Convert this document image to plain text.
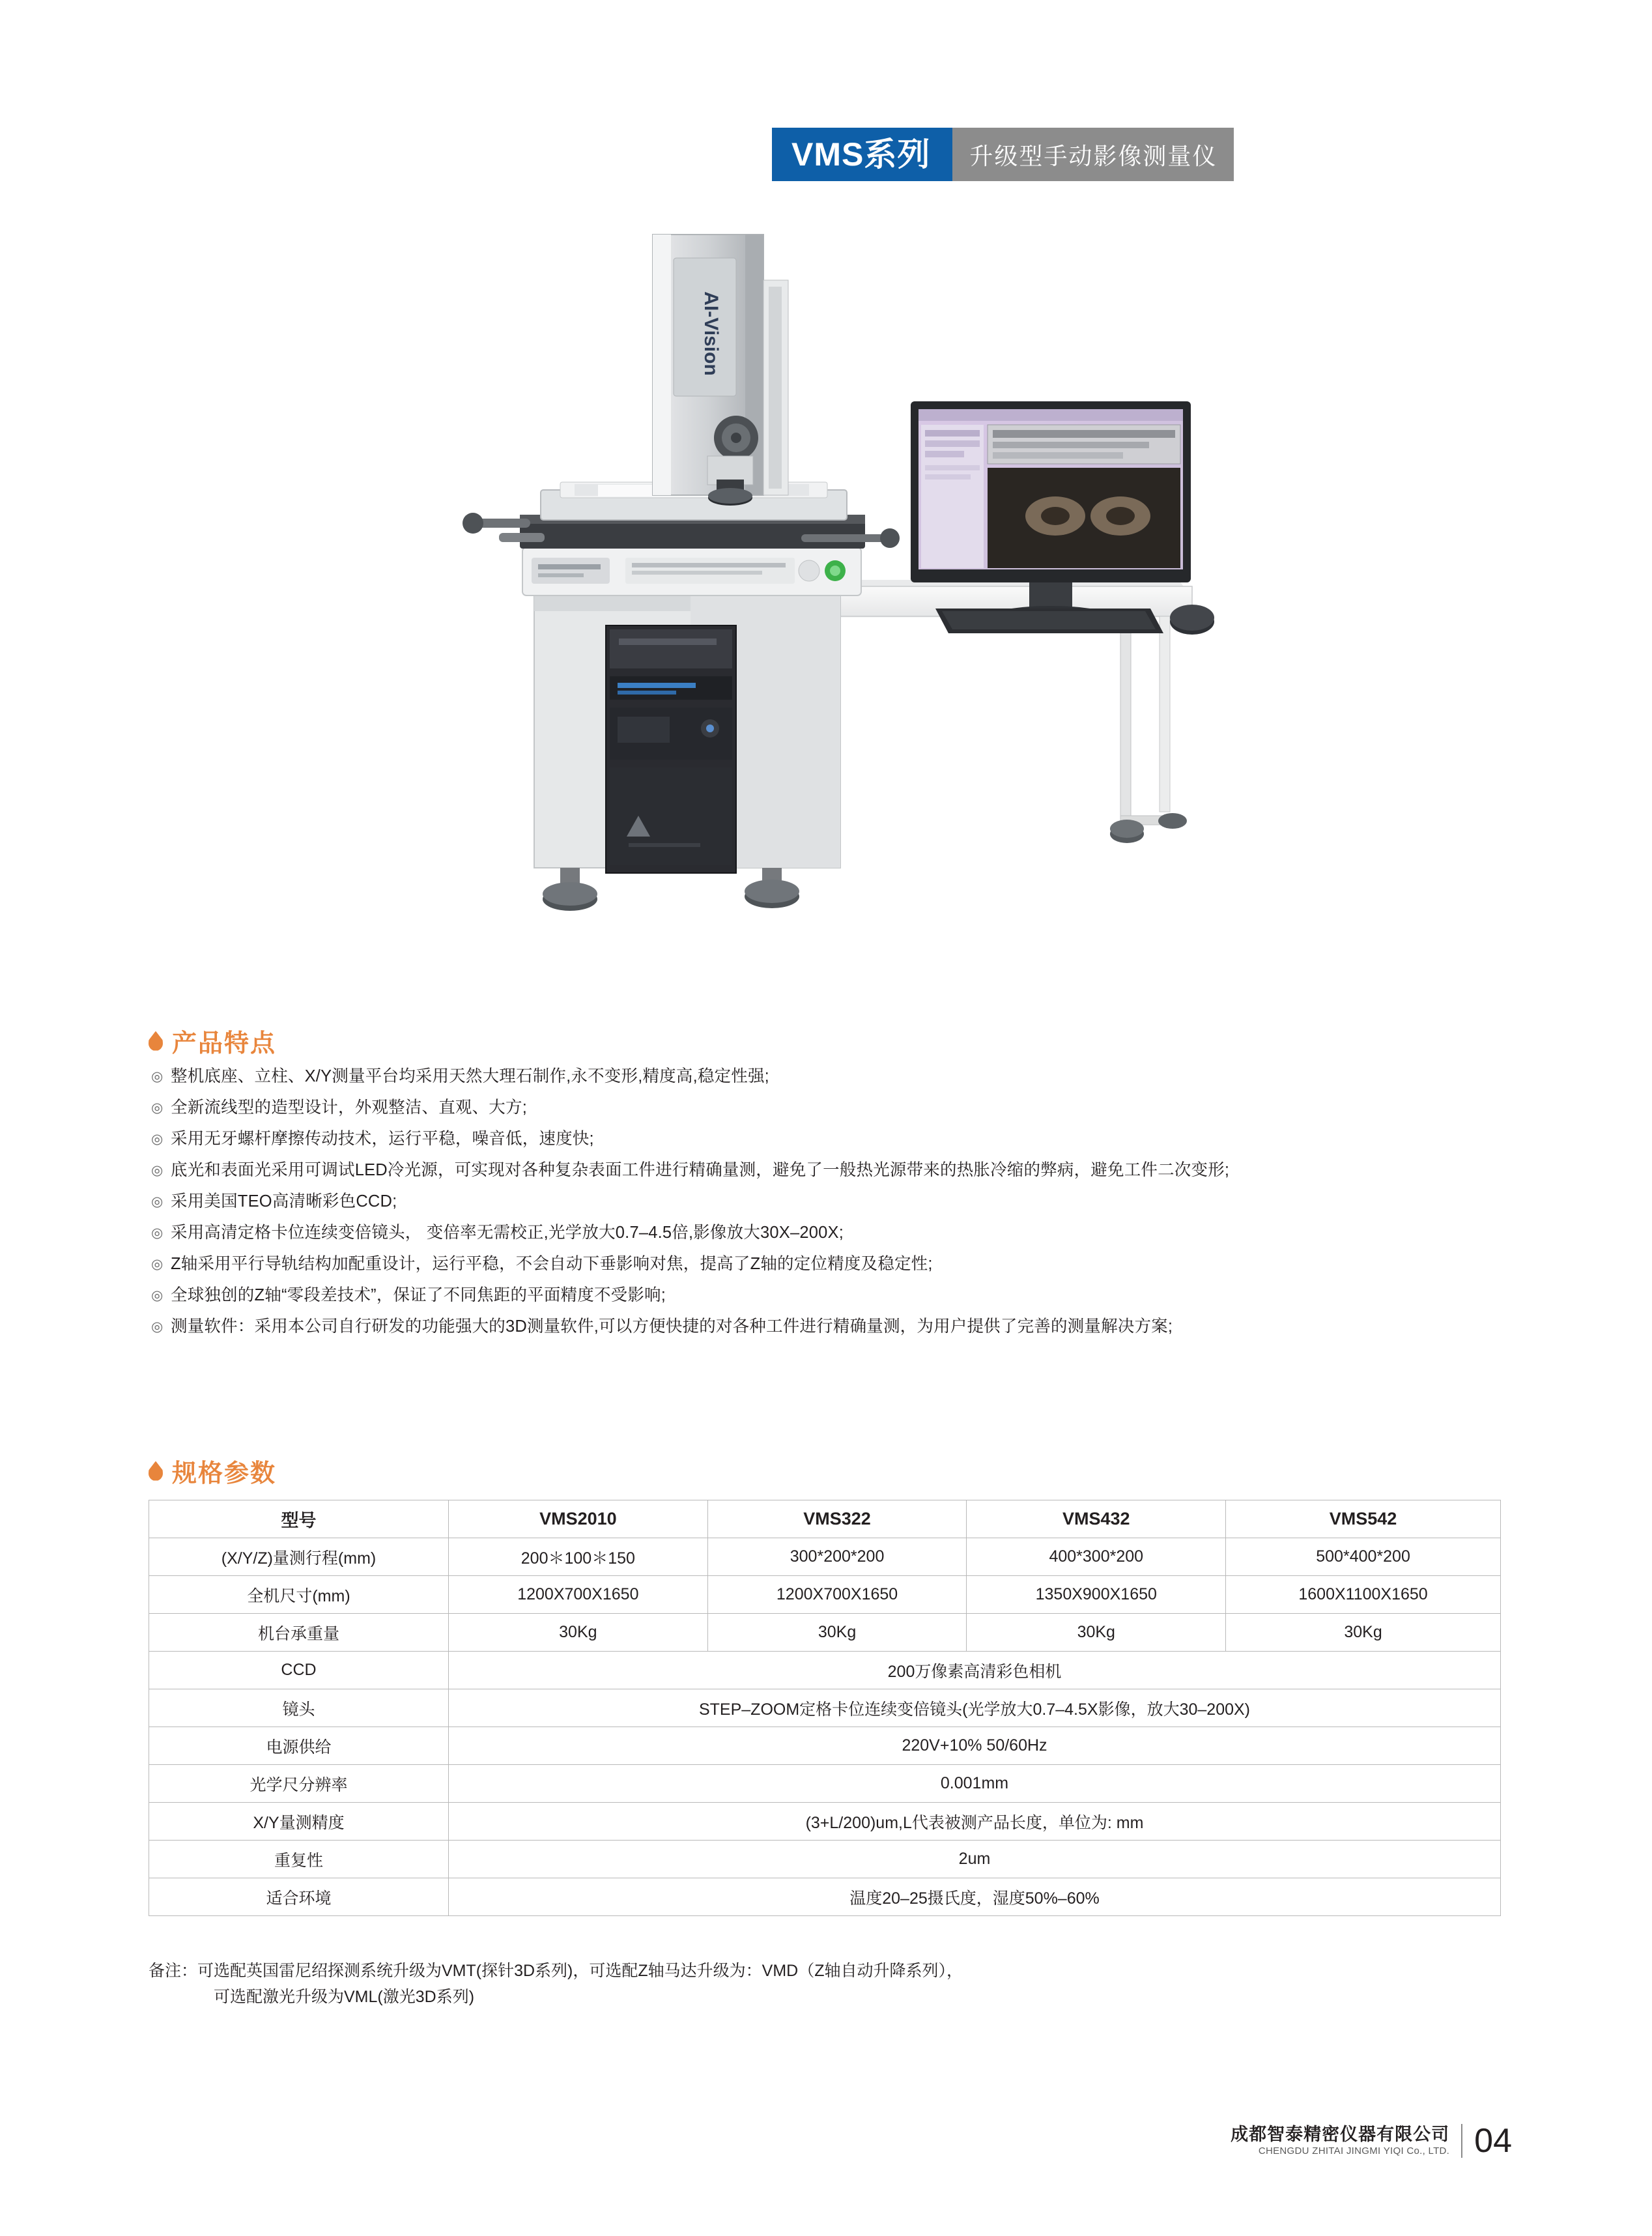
VMS系列	升级型手动影像测量仪
AI-Vision
产品特点
◎ 整机底座、立柱、X/Y测量平台均采用天然大理石制作,永不变形,精度高,稳定性强;
◎ 全新流线型的造型设计，外观整洁、直观、大方;
◎ 采用无牙螺杆摩擦传动技术，运行平稳，噪音低，速度快;
◎ 底光和表面光采用可调试LED冷光源，可实现对各种复杂表面工件进行精确量测，避免了一般热光源带来的热胀冷缩的弊病，避免工件二次变形;
◎ 采用美国TEO高清晰彩色CCD;
◎ 采用高清定格卡位连续变倍镜头， 变倍率无需校正,光学放大0.7–4.5倍,影像放大30X–200X;
◎ Z轴采用平行导轨结构加配重设计，运行平稳，不会自动下垂影响对焦，提高了Z轴的定位精度及稳定性;
◎ 全球独创的Z轴“零段差技术”，保证了不同焦距的平面精度不受影响;
◎ 测量软件：采用本公司自行研发的功能强大的3D测量软件,可以方便快捷的对各种工件进行精确量测，为用户提供了完善的测量解决方案;
规格参数
型号	VMS2010	VMS322	VMS432	VMS542
(X/Y/Z)量测行程(mm)	200＊100＊150	300*200*200	400*300*200	500*400*200
全机尺寸(mm)	1200X700X1650	1200X700X1650	1350X900X1650	1600X1100X1650
机台承重量	30Kg	30Kg	30Kg	30Kg
CCD	200万像素高清彩色相机			
镜头	STEP–ZOOM定格卡位连续变倍镜头(光学放大0.7–4.5X影像，放大30–200X)			
电源供给	220V+10% 50/60Hz			
光学尺分辨率	0.001mm			
X/Y量测精度	(3+L/200)um,L代表被测产品长度，单位为: mm			
重复性	2um			
适合环境	温度20–25摄氏度，湿度50%–60%			
备注：可选配英国雷尼绍探测系统升级为VMT(探针3D系列)，可选配Z轴马达升级为：VMD（Z轴自动升降系列），
可选配激光升级为VML(激光3D系列)
成都智泰精密仪器有限公司
CHENGDU ZHITAI JINGMI YIQI Co., LTD. 04
